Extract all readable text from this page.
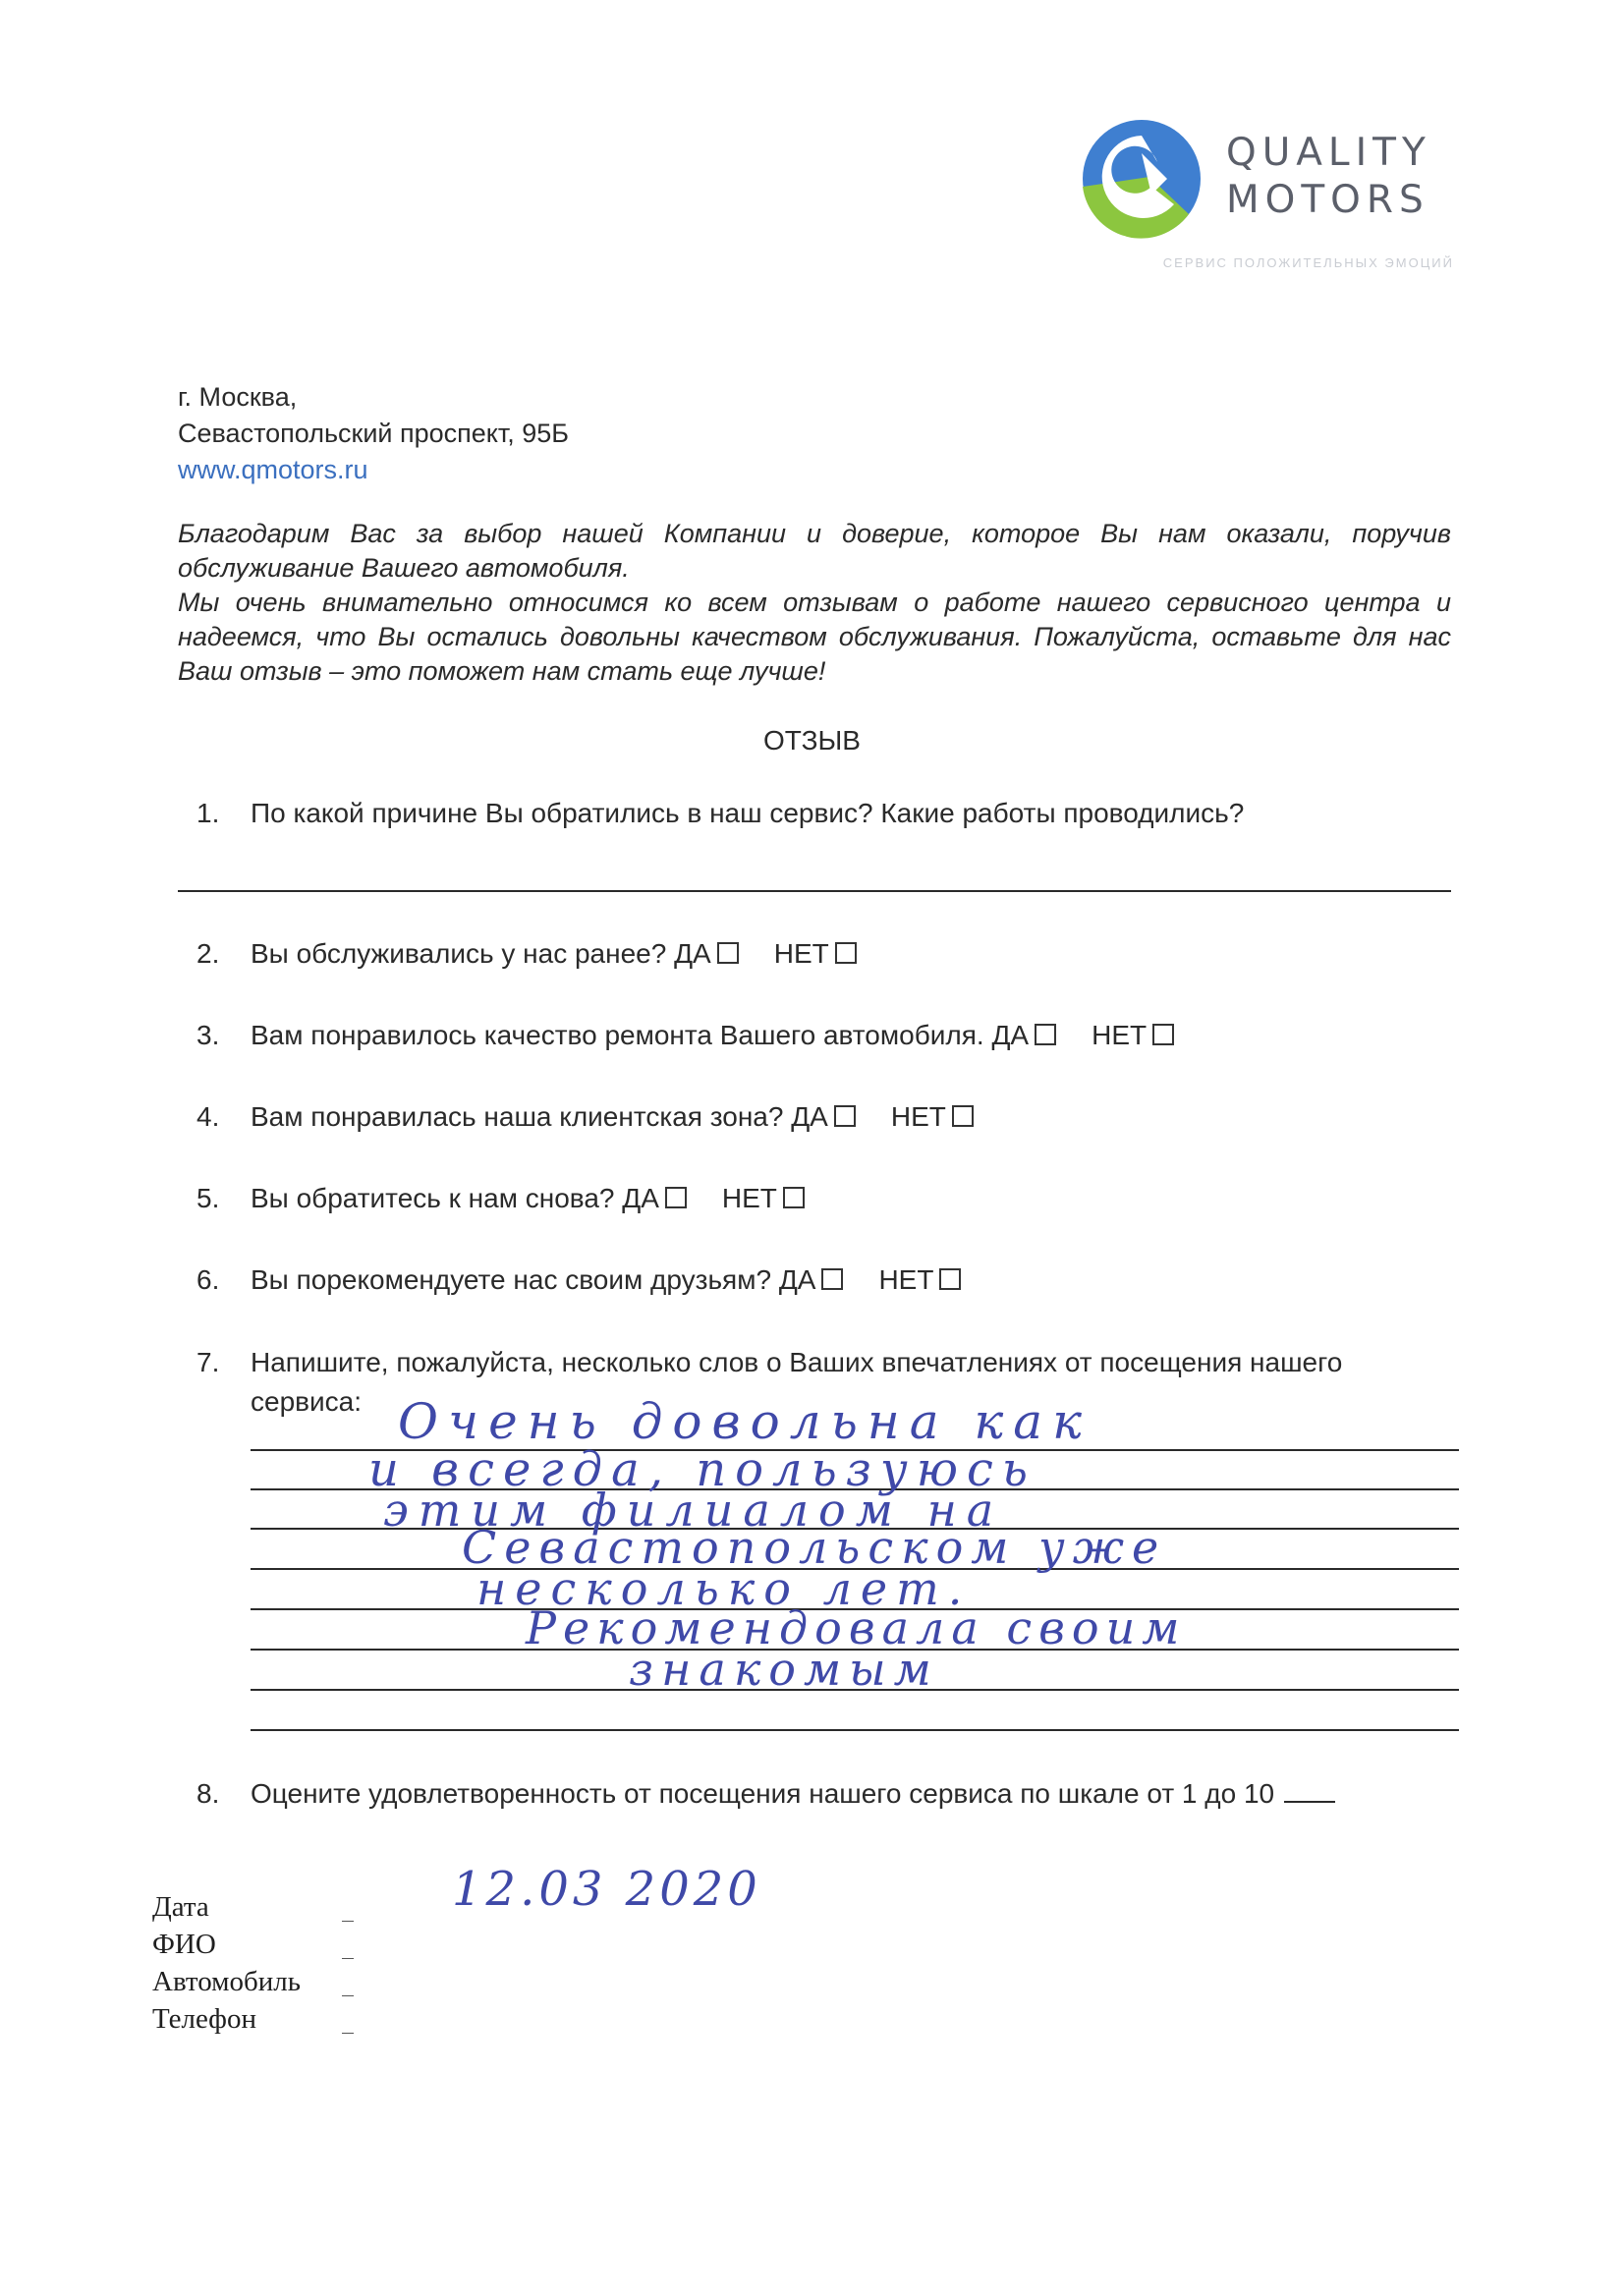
QUALITY
MOTORS
СЕРВИС ПОЛОЖИТЕЛЬНЫХ ЭМОЦИЙ
г. Москва,
Севастопольский проспект, 95Б
www.qmotors.ru

Благодарим Вас за выбор нашей Компании и доверие, которое Вы нам оказали, поручив обслуживание Вашего автомобиля.

Мы очень внимательно относимся ко всем отзывам о работе нашего сервисного центра и надеемся, что Вы остались довольны качеством обслуживания. Пожалуйста, оставьте для нас Ваш отзыв – это поможет нам стать еще лучше!

ОТЗЫВ
1. По какой причине Вы обратились в наш сервис? Какие работы проводились?
2. Вы обслуживались у нас ранее? ДА НЕТ
3. Вам понравилось качество ремонта Вашего автомобиля. ДА НЕТ
4. Вам понравилась наша клиентская зона? ДА НЕТ
5. Вы обратитесь к нам снова? ДА НЕТ
6. Вы порекомендуете нас своим друзьям? ДА НЕТ
7. Напишите, пожалуйста, несколько слов о Ваших впечатлениях от посещения нашего
сервиса: Очень довольна как
и всегда, пользуюсь
этим филиалом на
Севастопольском уже
несколько лет.
Рекомендовала своим
знакомым
8. Оцените удовлетворенность от посещения нашего сервиса по шкале от 1 до 10
12.03 2020
Дата
ФИО
Автомобиль
Телефон
